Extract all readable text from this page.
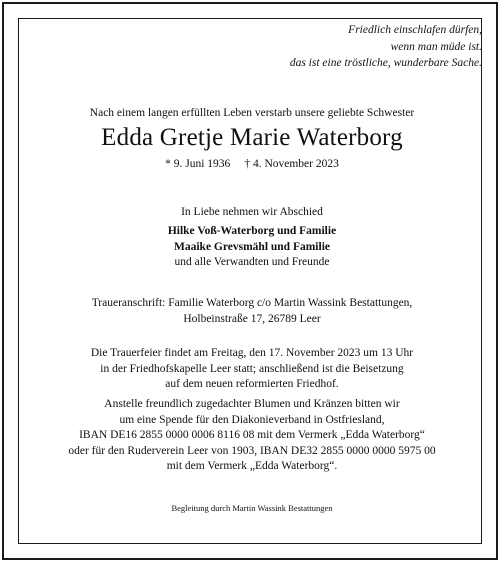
Friedlich einschlafen dürfen,
wenn man müde ist.
das ist eine tröstliche, wunderbare Sache.
Nach einem langen erfüllten Leben verstarb unsere geliebte Schwester
Edda Gretje Marie Waterborg
* 9. Juni 1936 † 4. November 2023
In Liebe nehmen wir Abschied
Hilke Voß-Waterborg und Familie
Maaike Grevsmähl und Familie
und alle Verwandten und Freunde
Traueranschrift: Familie Waterborg c/o Martin Wassink Bestattungen,
Holbeinstraße 17, 26789 Leer
Die Trauerfeier findet am Freitag, den 17. November 2023 um 13 Uhr
in der Friedhofskapelle Leer statt; anschließend ist die Beisetzung
auf dem neuen reformierten Friedhof.
Anstelle freundlich zugedachter Blumen und Kränzen bitten wir
um eine Spende für den Diakonieverband in Ostfriesland,
IBAN DE16 2855 0000 0006 8116 08 mit dem Vermerk „Edda Waterborg“
oder für den Ruderverein Leer von 1903, IBAN DE32 2855 0000 0000 5975 00
mit dem Vermerk „Edda Waterborg“.
Begleitung durch Martin Wassink Bestattungen
